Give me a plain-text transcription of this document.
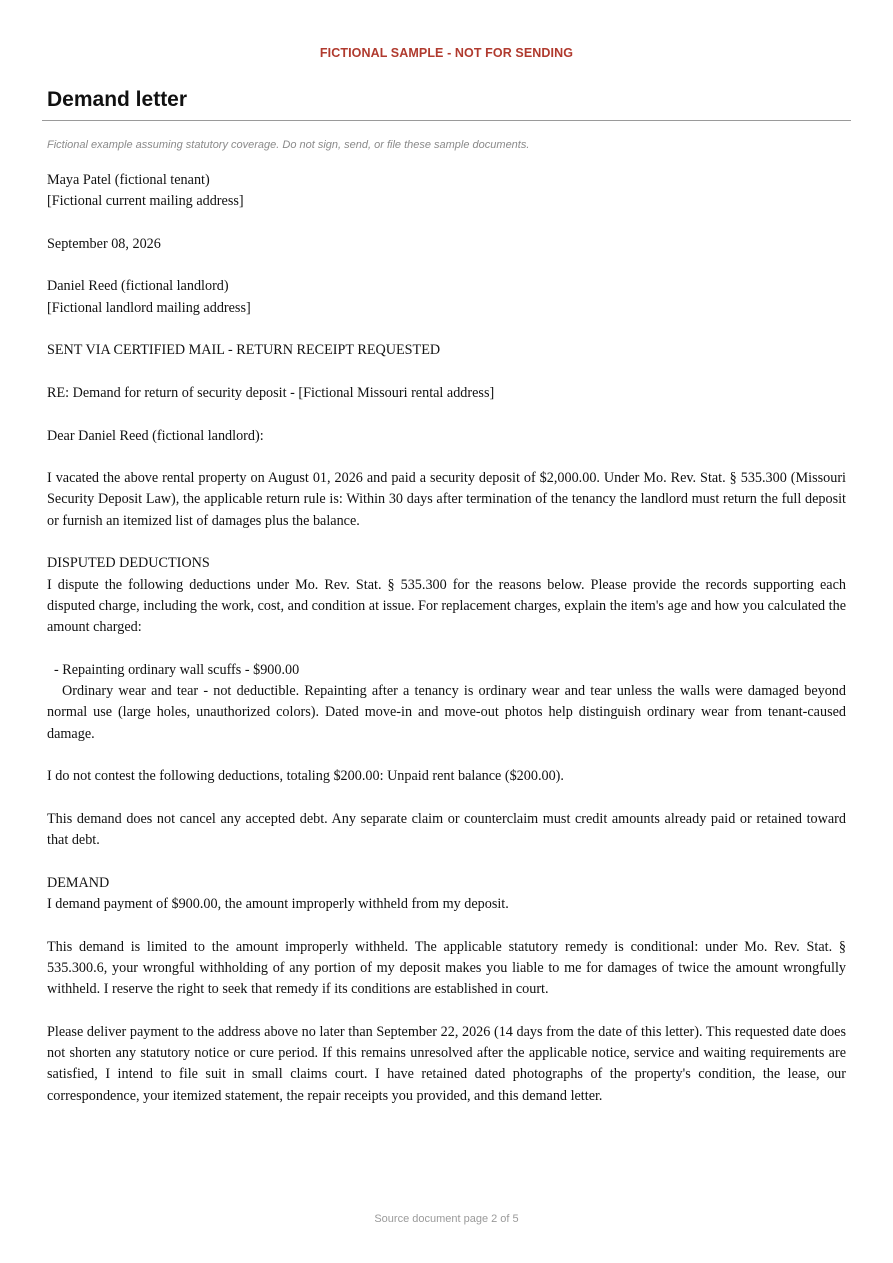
FICTIONAL SAMPLE - NOT FOR SENDING
Demand letter
Fictional example assuming statutory coverage. Do not sign, send, or file these sample documents.

Maya Patel (fictional tenant)
[Fictional current mailing address]

September 08, 2026

Daniel Reed (fictional landlord)
[Fictional landlord mailing address]

SENT VIA CERTIFIED MAIL - RETURN RECEIPT REQUESTED

RE: Demand for return of security deposit - [Fictional Missouri rental address]

Dear Daniel Reed (fictional landlord):

I vacated the above rental property on August 01, 2026 and paid a security deposit of $2,000.00. Under Mo. Rev. Stat. § 535.300 (Missouri Security Deposit Law), the applicable return rule is: Within 30 days after termination of the tenancy the landlord must return the full deposit or furnish an itemized list of damages plus the balance.

DISPUTED DEDUCTIONS
I dispute the following deductions under Mo. Rev. Stat. § 535.300 for the reasons below. Please provide the records supporting each disputed charge, including the work, cost, and condition at issue. For replacement charges, explain the item's age and how you calculated the amount charged:

- Repainting ordinary wall scuffs - $900.00
Ordinary wear and tear - not deductible. Repainting after a tenancy is ordinary wear and tear unless the walls were damaged beyond normal use (large holes, unauthorized colors). Dated move-in and move-out photos help distinguish ordinary wear from tenant-caused damage.

I do not contest the following deductions, totaling $200.00: Unpaid rent balance ($200.00).

This demand does not cancel any accepted debt. Any separate claim or counterclaim must credit amounts already paid or retained toward that debt.

DEMAND
I demand payment of $900.00, the amount improperly withheld from my deposit.

This demand is limited to the amount improperly withheld. The applicable statutory remedy is conditional: under Mo. Rev. Stat. § 535.300.6, your wrongful withholding of any portion of my deposit makes you liable to me for damages of twice the amount wrongfully withheld. I reserve the right to seek that remedy if its conditions are established in court.

Please deliver payment to the address above no later than September 22, 2026 (14 days from the date of this letter). This requested date does not shorten any statutory notice or cure period. If this remains unresolved after the applicable notice, service and waiting requirements are satisfied, I intend to file suit in small claims court. I have retained dated photographs of the property's condition, the lease, our correspondence, your itemized statement, the repair receipts you provided, and this demand letter.

Source document page 2 of 5
